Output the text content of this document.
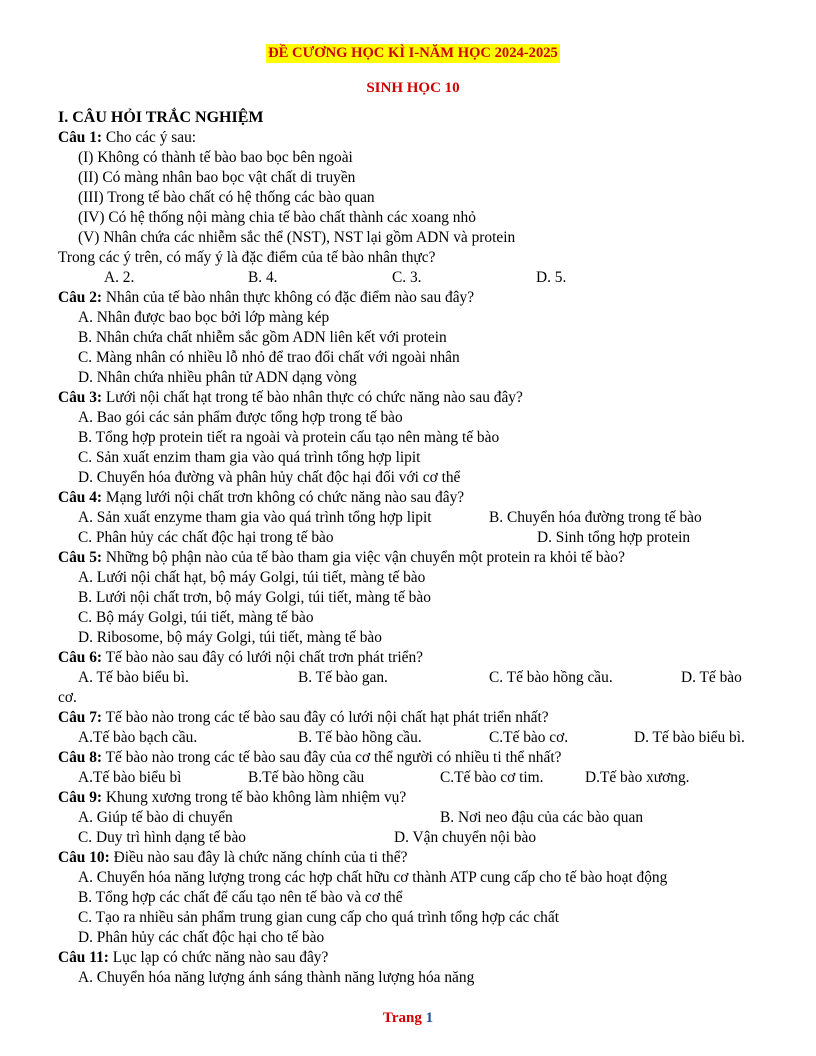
ĐỀ CƯƠNG HỌC KÌ I-NĂM HỌC 2024-2025
SINH HỌC 10
I. CÂU HỎI TRẮC NGHIỆM
Câu 1: Cho các ý sau:
(I) Không có thành tế bào bao bọc bên ngoài
(II) Có màng nhân bao bọc vật chất di truyền
(III) Trong tế bào chất có hệ thống các bào quan
(IV) Có hệ thống nội màng chia tế bào chất thành các xoang nhỏ
(V) Nhân chứa các nhiễm sắc thể (NST), NST lại gồm ADN và protein
Trong các ý trên, có mấy ý là đặc điểm của tế bào nhân thực?
A. 2.	B. 4.	C. 3.	D. 5.
Câu 2: Nhân của tế bào nhân thực không có đặc điểm nào sau đây?
A. Nhân được bao bọc bởi lớp màng kép
B. Nhân chứa chất nhiễm sắc gồm ADN liên kết với protein
C. Màng nhân có nhiều lỗ nhỏ để trao đổi chất với ngoài nhân
D. Nhân chứa nhiều phân tử ADN dạng vòng
Câu 3: Lưới nội chất hạt trong tế bào nhân thực có chức năng nào sau đây?
A. Bao gói các sản phẩm được tổng hợp trong tế bào
B. Tổng hợp protein tiết ra ngoài và protein cấu tạo nên màng tế bào
C. Sản xuất enzim tham gia vào quá trình tổng hợp lipit
D. Chuyển hóa đường và phân hủy chất độc hại đối với cơ thể
Câu 4: Mạng lưới nội chất trơn không có chức năng nào sau đây?
A. Sản xuất enzyme tham gia vào quá trình tổng hợp lipit	B. Chuyển hóa đường trong tế bào
C. Phân hủy các chất độc hại trong tế bào	D. Sinh tổng hợp protein
Câu 5: Những bộ phận nào của tế bào tham gia việc vận chuyển một protein ra khỏi tế bào?
A. Lưới nội chất hạt, bộ máy Golgi, túi tiết, màng tế bào
B. Lưới nội chất trơn, bộ máy Golgi, túi tiết, màng tế bào
C. Bộ máy Golgi, túi tiết, màng tế bào
D. Ribosome, bộ máy Golgi, túi tiết, màng tế bào
Câu 6: Tế bào nào sau đây có lưới nội chất trơn phát triển?
A. Tế bào biểu bì.	B. Tế bào gan.	C. Tế bào hồng cầu.	D. Tế bào
cơ.
Câu 7: Tế bào nào trong các tế bào sau đây có lưới nội chất hạt phát triển nhất?
A.Tế bào bạch cầu.	B. Tế bào hồng cầu.	C.Tế bào cơ.	D. Tế bào biểu bì.
Câu 8: Tế bào nào trong các tế bào sau đây của cơ thể người có nhiều ti thể nhất?
A.Tế bào biểu bì	B.Tế bào hồng cầu	C.Tế bào cơ tim.	D.Tế bào xương.
Câu 9: Khung xương trong tế bào không làm nhiệm vụ?
A. Giúp tế bào di chuyển	B. Nơi neo đậu của các bào quan
C. Duy trì hình dạng tế bào	D. Vận chuyển nội bào
Câu 10: Điều nào sau đây là chức năng chính của ti thể?
A. Chuyển hóa năng lượng trong các hợp chất hữu cơ thành ATP cung cấp cho tế bào hoạt động
B. Tổng hợp các chất để cấu tạo nên tế bào và cơ thể
C. Tạo ra nhiều sản phẩm trung gian cung cấp cho quá trình tổng hợp các chất
D. Phân hủy các chất độc hại cho tế bào
Câu 11: Lục lạp có chức năng nào sau đây?
A. Chuyển hóa năng lượng ánh sáng thành năng lượng hóa năng
Trang 1
